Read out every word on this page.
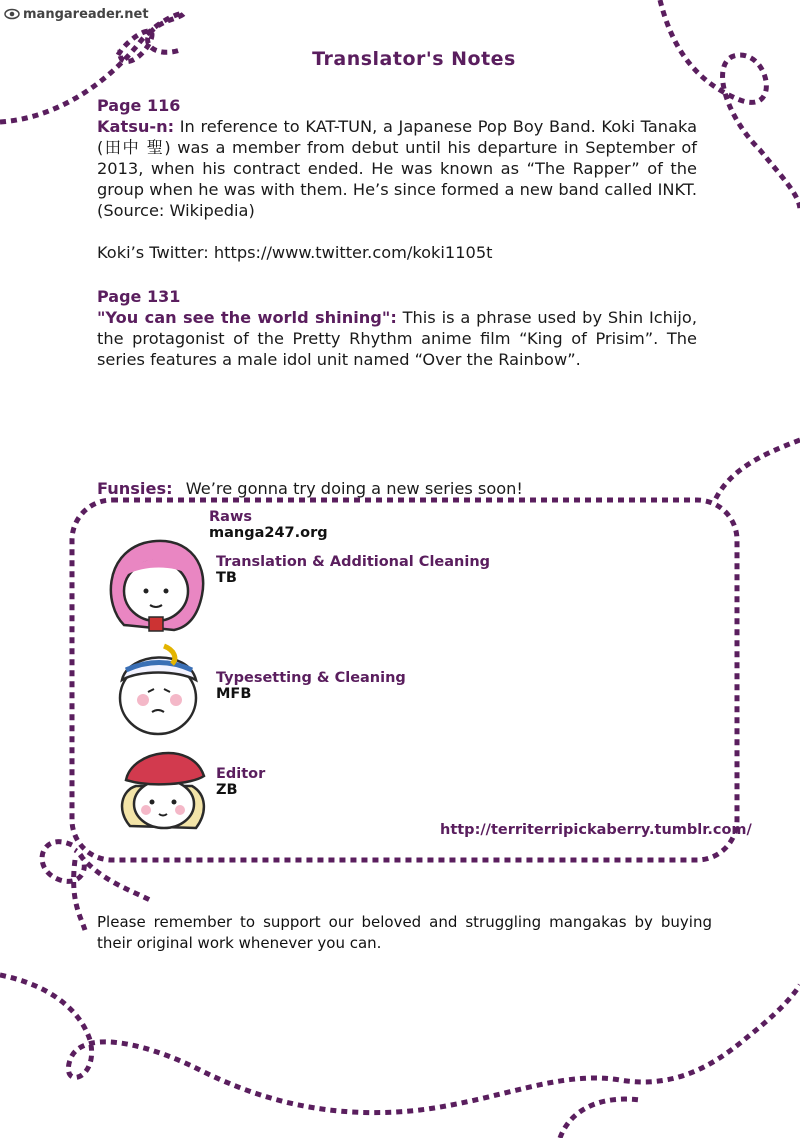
mangareader.net
Translator's Notes
Page 116
Katsu-n: In reference to KAT-TUN, a Japanese Pop Boy Band. Koki Tanaka (田中 聖) was a member from debut until his departure in September of 2013, when his contract ended. He was known as “The Rapper” of the group when he was with them. He’s since formed a new band called INKT. (Source: Wikipedia)
Koki’s Twitter: https://www.twitter.com/koki1105t
Page 131
"You can see the world shining": This is a phrase used by Shin Ichijo, the protagonist of the Pretty Rhythm anime film “King of Prisim”. The series features a male idol unit named “Over the Rainbow”.
Funsies: We’re gonna try doing a new series soon!
Raws
manga247.org
Translation & Additional Cleaning
TB
Typesetting & Cleaning
MFB
Editor
ZB
http://territerripickaberry.tumblr.com/
Please remember to support our beloved and struggling mangakas by buying their original work whenever you can.
